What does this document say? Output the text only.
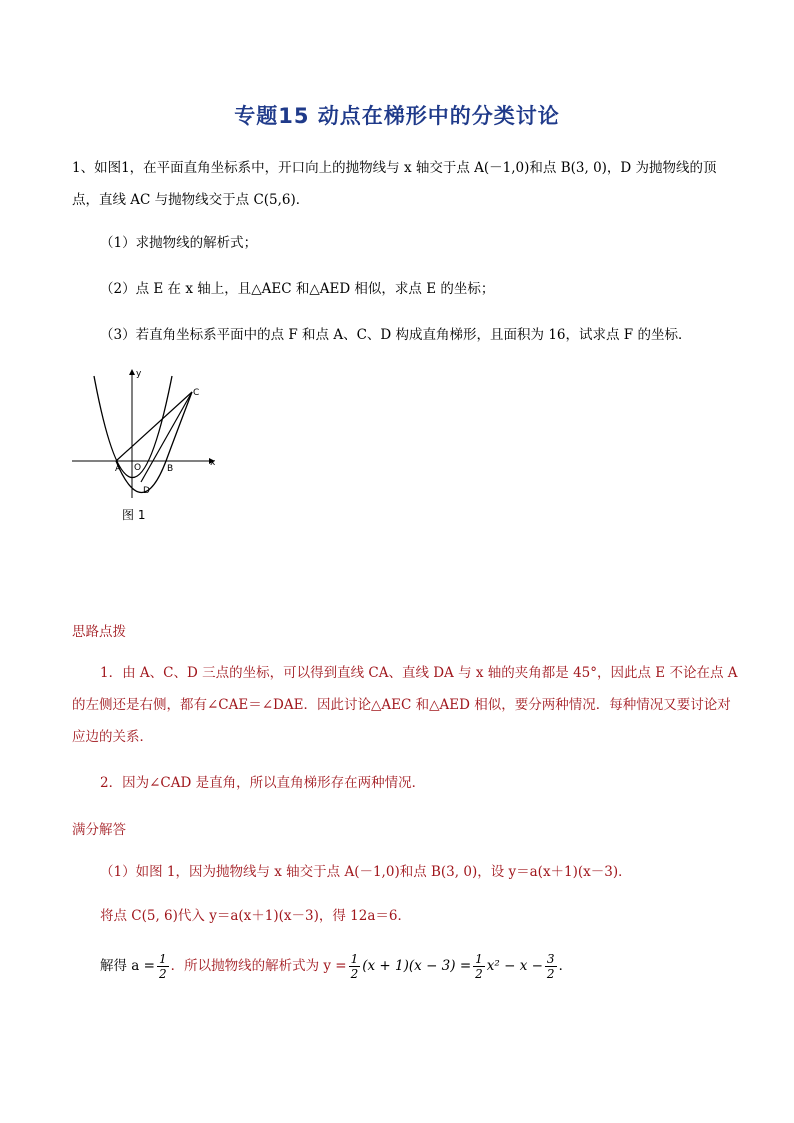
专题15 动点在梯形中的分类讨论
1、如图1，在平面直角坐标系中，开口向上的抛物线与 x 轴交于点 A(－1,0)和点 B(3, 0)，D 为抛物线的顶
点，直线 AC 与抛物线交于点 C(5,6)．
（1）求抛物线的解析式；
（2）点 E 在 x 轴上，且△AEC 和△AED 相似，求点 E 的坐标；
（3）若直角坐标系平面中的点 F 和点 A、C、D 构成直角梯形，且面积为 16，试求点 F 的坐标．
y
x
O
A	B
C
D
图 1
思路点拨
1．由 A、C、D 三点的坐标，可以得到直线 CA、直线 DA 与 x 轴的夹角都是 45°，因此点 E 不论在点 A
的左侧还是右侧，都有∠CAE＝∠DAE．因此讨论△AEC 和△AED 相似，要分两种情况．每种情况又要讨论对
应边的关系．
2．因为∠CAD 是直角，所以直角梯形存在两种情况．
满分解答
（1）如图 1，因为抛物线与 x 轴交于点 A(－1,0)和点 B(3, 0)，设 y＝a(x＋1)(x－3)．
将点 C(5, 6)代入 y＝a(x＋1)(x－3)，得 12a＝6．
解得 $a = \frac{1}{2}$ ．所以抛物线的解析式为 $y = \frac{1}{2} (x + 1)(x - 3) = \frac{1}{2} x^2 - x - \frac{3}{2}$ ．
